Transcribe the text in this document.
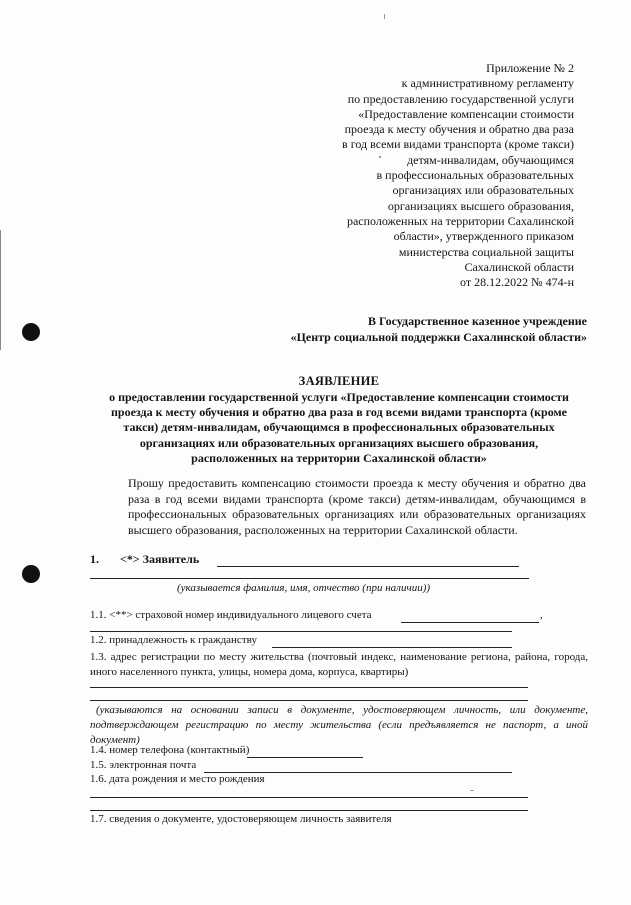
Приложение № 2
к административному регламенту
по предоставлению государственной услуги
«Предоставление компенсации стоимости
проезда к месту обучения и обратно два раза
в год всеми видами транспорта (кроме такси)
детям-инвалидам, обучающимся
в профессиональных образовательных
организациях или образовательных
организациях высшего образования,
расположенных на территории Сахалинской
области», утвержденного приказом
министерства социальной защиты
Сахалинской области
от 28.12.2022 № 474-н
В Государственное казенное учреждение
«Центр социальной поддержки Сахалинской области»
ЗАЯВЛЕНИЕ
о предоставлении государственной услуги «Предоставление компенсации стоимости
проезда к месту обучения и обратно два раза в год всеми видами транспорта (кроме
такси) детям-инвалидам, обучающимся в профессиональных образовательных
организациях или образовательных организациях высшего образования,
расположенных на территории Сахалинской области»
Прошу предоставить компенсацию стоимости проезда к месту обучения и обратно два раза в год всеми видами транспорта (кроме такси) детям-инвалидам, обучающимся в профессиональных образовательных организациях или образовательных организациях высшего образования, расположенных на территории Сахалинской области.
1. <*> Заявитель
(указывается фамилия, имя, отчество (при наличии))
1.1. <**> страховой номер индивидуального лицевого счета	,
1.2. принадлежность к гражданству
1.3. адрес регистрации по месту жительства (почтовый индекс, наименование региона, района, города, иного населенного пункта, улицы, номера дома, корпуса, квартиры)
(указываются на основании записи в документе, удостоверяющем личность, или документе, подтверждающем регистрацию по месту жительства (если предъявляется не паспорт, а иной документ)
1.4. номер телефона (контактный)
1.5. электронная почта
1.6. дата рождения и место рождения
1.7. сведения о документе, удостоверяющем личность заявителя
